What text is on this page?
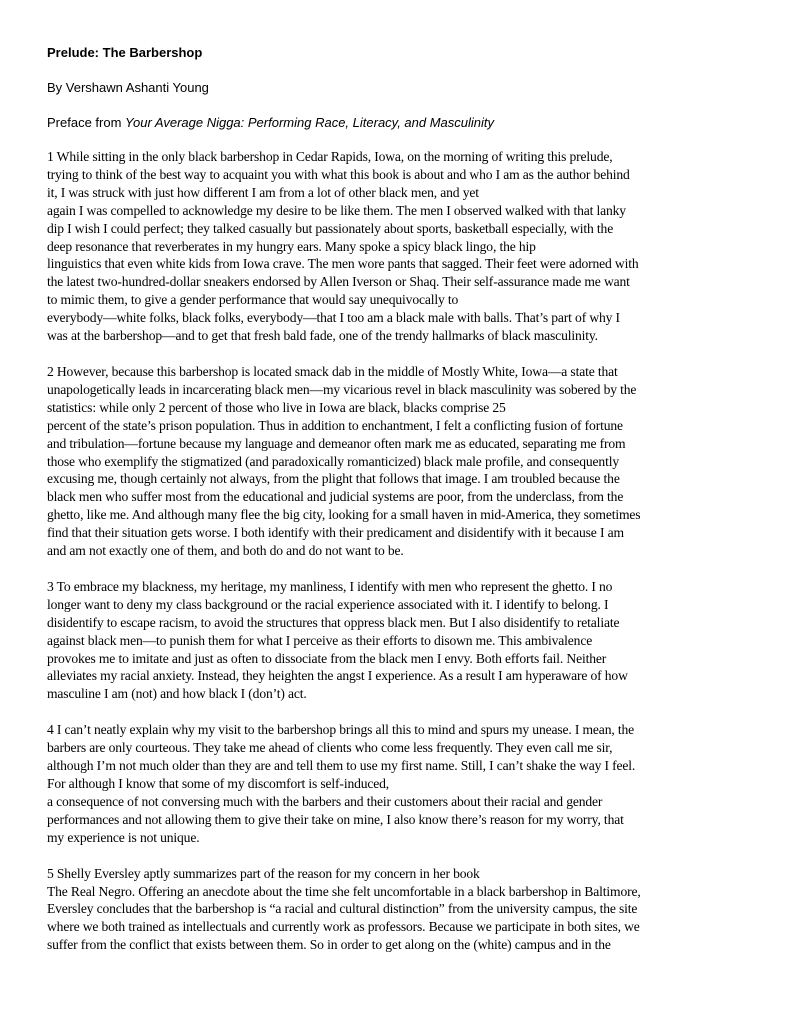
Prelude: The Barbershop
By Vershawn Ashanti Young
Preface from Your Average Nigga: Performing Race, Literacy, and Masculinity
1 While sitting in the only black barbershop in Cedar Rapids, Iowa, on the morning of writing this prelude,
trying to think of the best way to acquaint you with what this book is about and who I am as the author behind
it, I was struck with just how different I am from a lot of other black men, and yet
again I was compelled to acknowledge my desire to be like them. The men I observed walked with that lanky
dip I wish I could perfect; they talked casually but passionately about sports, basketball especially, with the
deep resonance that reverberates in my hungry ears. Many spoke a spicy black lingo, the hip
linguistics that even white kids from Iowa crave. The men wore pants that sagged. Their feet were adorned with
the latest two-hundred-dollar sneakers endorsed by Allen Iverson or Shaq. Their self-assurance made me want
to mimic them, to give a gender performance that would say unequivocally to
everybody—white folks, black folks, everybody—that I too am a black male with balls. That’s part of why I
was at the barbershop—and to get that fresh bald fade, one of the trendy hallmarks of black masculinity.
2 However, because this barbershop is located smack dab in the middle of Mostly White, Iowa—a state that
unapologetically leads in incarcerating black men—my vicarious revel in black masculinity was sobered by the
statistics: while only 2 percent of those who live in Iowa are black, blacks comprise 25
percent of the state’s prison population. Thus in addition to enchantment, I felt a conflicting fusion of fortune
and tribulation—fortune because my language and demeanor often mark me as educated, separating me from
those who exemplify the stigmatized (and paradoxically romanticized) black male profile, and consequently
excusing me, though certainly not always, from the plight that follows that image. I am troubled because the
black men who suffer most from the educational and judicial systems are poor, from the underclass, from the
ghetto, like me. And although many flee the big city, looking for a small haven in mid-America, they sometimes
find that their situation gets worse. I both identify with their predicament and disidentify with it because I am
and am not exactly one of them, and both do and do not want to be.
3 To embrace my blackness, my heritage, my manliness, I identify with men who represent the ghetto. I no
longer want to deny my class background or the racial experience associated with it. I identify to belong. I
disidentify to escape racism, to avoid the structures that oppress black men. But I also disidentify to retaliate
against black men—to punish them for what I perceive as their efforts to disown me. This ambivalence
provokes me to imitate and just as often to dissociate from the black men I envy. Both efforts fail. Neither
alleviates my racial anxiety. Instead, they heighten the angst I experience. As a result I am hyperaware of how
masculine I am (not) and how black I (don’t) act.
4 I can’t neatly explain why my visit to the barbershop brings all this to mind and spurs my unease. I mean, the
barbers are only courteous. They take me ahead of clients who come less frequently. They even call me sir,
although I’m not much older than they are and tell them to use my first name. Still, I can’t shake the way I feel.
For although I know that some of my discomfort is self-induced,
a consequence of not conversing much with the barbers and their customers about their racial and gender
performances and not allowing them to give their take on mine, I also know there’s reason for my worry, that
my experience is not unique.
5 Shelly Eversley aptly summarizes part of the reason for my concern in her book
The Real Negro. Offering an anecdote about the time she felt uncomfortable in a black barbershop in Baltimore,
Eversley concludes that the barbershop is “a racial and cultural distinction” from the university campus, the site
where we both trained as intellectuals and currently work as professors. Because we participate in both sites, we
suffer from the conflict that exists between them. So in order to get along on the (white) campus and in the
